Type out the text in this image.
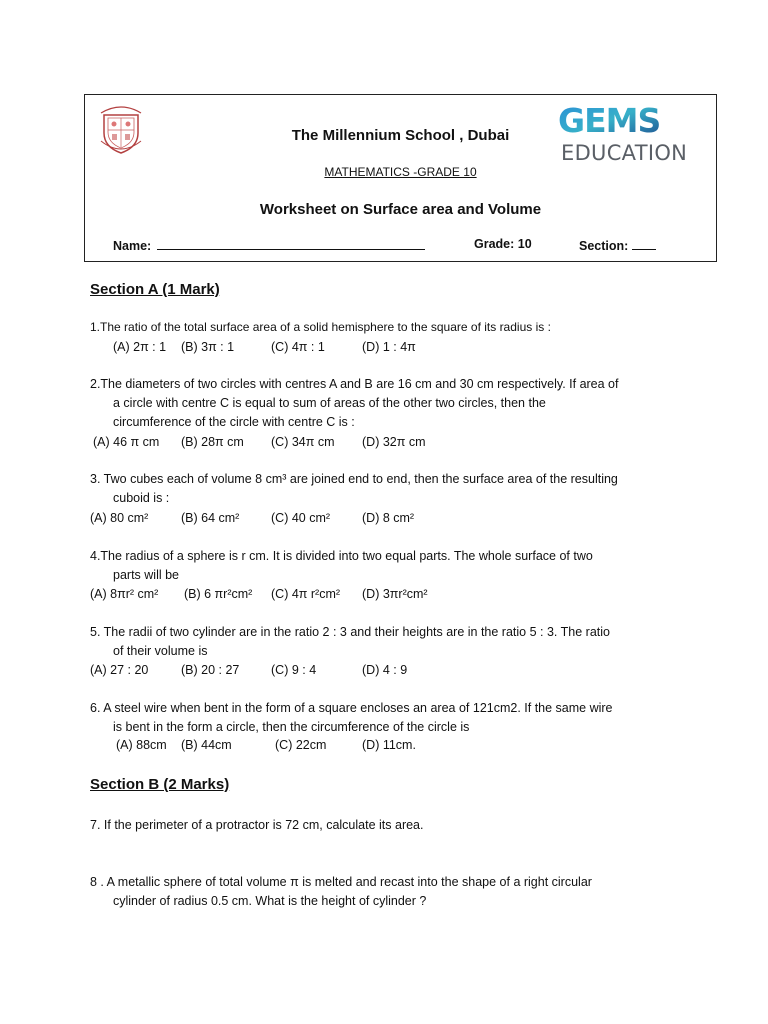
The Millennium School , Dubai
MATHEMATICS -GRADE 10
Worksheet on Surface area and Volume
GEMS
EDUCATION
Name:	Grade: 10	Section:
Section A (1 Mark)
1.The ratio of the total surface area of a solid hemisphere to the square of its radius is :
(A) 2π : 1 (B) 3π : 1	(C) 4π : 1	(D) 1 : 4π
2.The diameters of two circles with centres A and B are 16 cm and 30 cm respectively. If area of
a circle with centre C is equal to sum of areas of the other two circles, then the
circumference of the circle with centre C is :
(A) 46 π cm (B) 28π cm (C) 34π cm (D) 32π cm
3. Two cubes each of volume 8 cm³ are joined end to end, then the surface area of the resulting
cuboid is :
(A) 80 cm²	(B) 64 cm²	(C) 40 cm²	(D) 8 cm²
4.The radius of a sphere is r cm. It is divided into two equal parts. The whole surface of two
parts will be
(A) 8πr² cm² (B) 6 πr²cm² (C) 4π r²cm² (D) 3πr²cm²
5. The radii of two cylinder are in the ratio 2 : 3 and their heights are in the ratio 5 : 3. The ratio
of their volume is
(A) 27 : 20	(B) 20 : 27	(C) 9 : 4	(D) 4 : 9
6. A steel wire when bent in the form of a square encloses an area of 121cm2. If the same wire
is bent in the form a circle, then the circumference of the circle is
(A) 88cm (B) 44cm	(C) 22cm	(D) 11cm.
Section B (2 Marks)
7. If the perimeter of a protractor is 72 cm, calculate its area.
8 . A metallic sphere of total volume π is melted and recast into the shape of a right circular
cylinder of radius 0.5 cm. What is the height of cylinder ?
